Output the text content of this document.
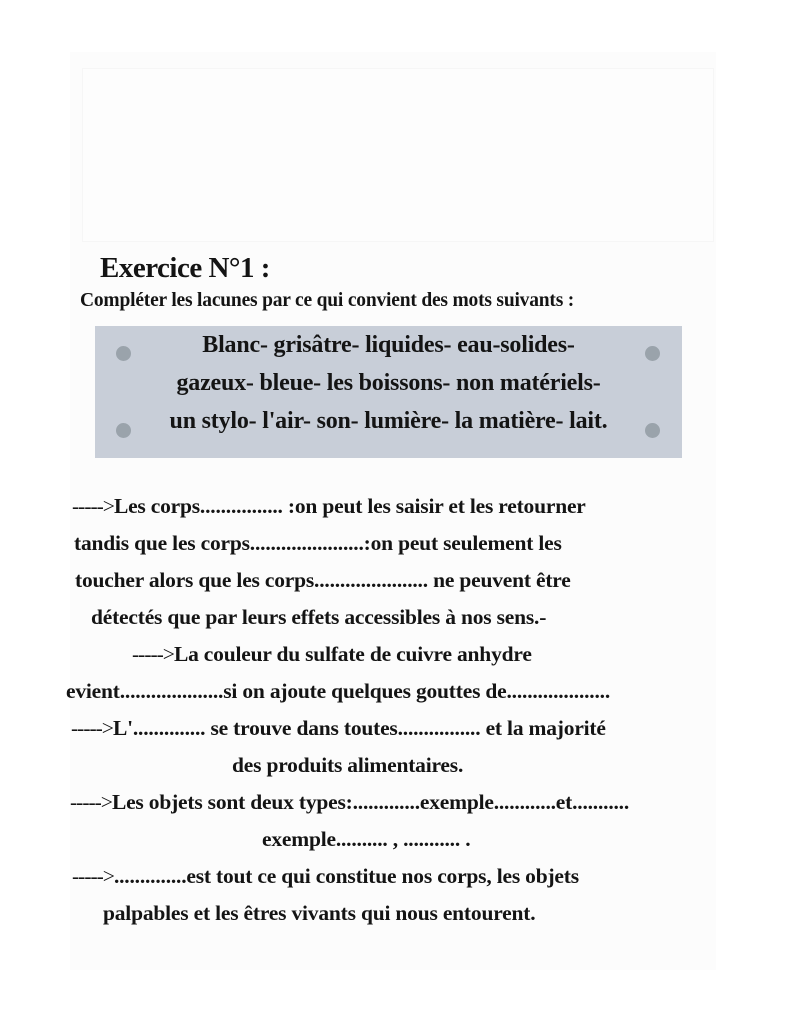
Exercice N°1 :
Compléter les lacunes par ce qui convient des mots suivants :
Blanc- grisâtre- liquides- eau-solides-
gazeux- bleue- les boissons- non matériels-
un stylo- l'air- son- lumière- la matière- lait.
----->Les corps................ :on peut les saisir et les retourner
tandis que les corps......................:on peut seulement les
toucher alors que les corps...................... ne peuvent être
détectés que par leurs effets accessibles à nos sens.-
----->La couleur du sulfate de cuivre anhydre
evient....................si on ajoute quelques gouttes de....................
----->L'.............. se trouve dans toutes................ et la majorité
des produits alimentaires.
----->Les objets sont deux types:.............exemple............et...........
exemple.......... , ........... .
----->..............est tout ce qui constitue nos corps, les objets
palpables et les êtres vivants qui nous entourent.
